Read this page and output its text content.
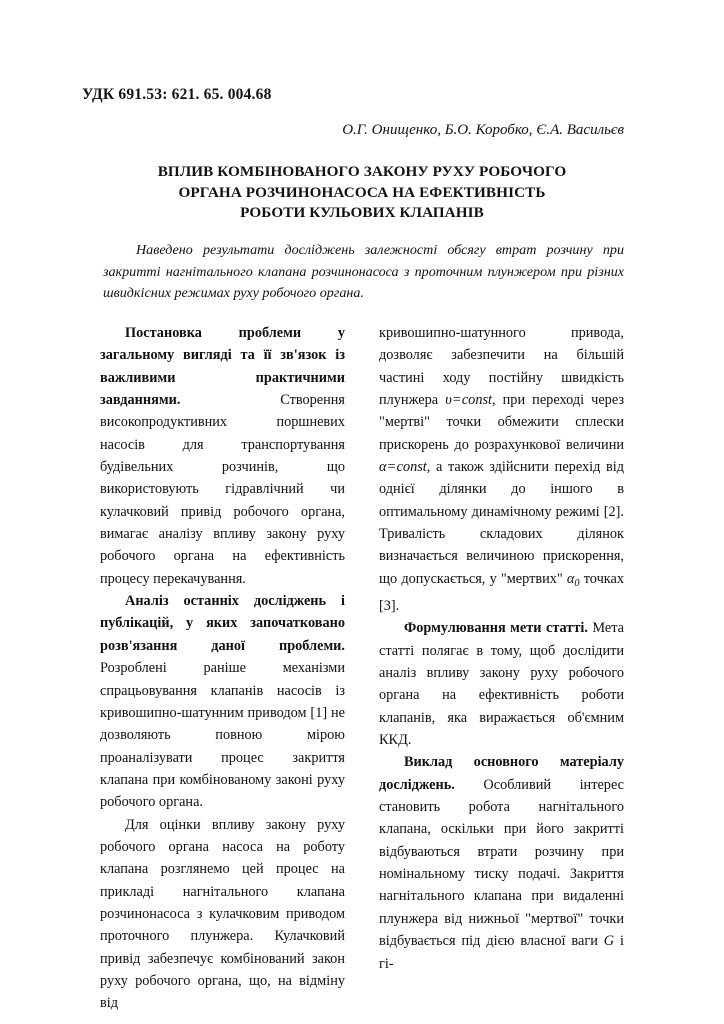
УДК 691.53: 621. 65. 004.68
О.Г. Онищенко, Б.О. Коробко, Є.А. Васильєв
ВПЛИВ КОМБІНОВАНОГО ЗАКОНУ РУХУ РОБОЧОГО
ОРГАНА РОЗЧИНОНАСОСА НА ЕФЕКТИВНІСТЬ
РОБОТИ КУЛЬОВИХ КЛАПАНІВ
Наведено результати досліджень залежності обсягу втрат розчину при закритті нагнітального клапана розчинонасоса з проточним плунжером при різних швидкісних режимах руху робочого органа.

Постановка проблеми у загальному вигляді та її зв'язок із важливими практичними завданнями. Створення високопродуктивних поршневих насосів для транспортування будівельних розчинів, що використовують гідравлічний чи кулачковий привід робочого органа, вимагає аналізу впливу закону руху робочого органа на ефективність процесу перекачування.

Аналіз останніх досліджень і публікацій, у яких започатковано розв'язання даної проблеми. Розроблені раніше механізми спрацьовування клапанів насосів із кривошипно-шатунним приводом [1] не дозволяють повною мірою проаналізувати процес закриття клапана при комбінованому законі руху робочого органа.

Для оцінки впливу закону руху робочого органа насоса на роботу клапана розглянемо цей процес на прикладі нагнітального клапана розчинонасоса з кулачковим приводом проточного плунжера. Кулачковий привід забезпечує комбінований закон руху робочого органа, що, на відміну від

кривошипно-шатунного привода, дозволяє забезпечити на більшій частині ходу постійну швидкість плунжера υ=const, при переході через "мертві" точки обмежити сплески прискорень до розрахункової величини α=const, а також здійснити перехід від однієї ділянки до іншого в оптимальному динамічному режимі [2]. Тривалість складових ділянок визначається величиною прискорення, що допускається, у "мертвих" $\alpha_0$ точках [3].

Формулювання мети статті. Мета статті полягає в тому, щоб дослідити аналіз впливу закону руху робочого органа на ефективність роботи клапанів, яка виражається об'ємним ККД.

Виклад основного матеріалу досліджень. Особливий інтерес становить робота нагнітального клапана, оскільки при його закритті відбуваються втрати розчину при номінальному тиску подачі. Закриття нагнітального клапана при видаленні плунжера від нижньої "мертвої" точки відбувається під дією власної ваги G і гі-
